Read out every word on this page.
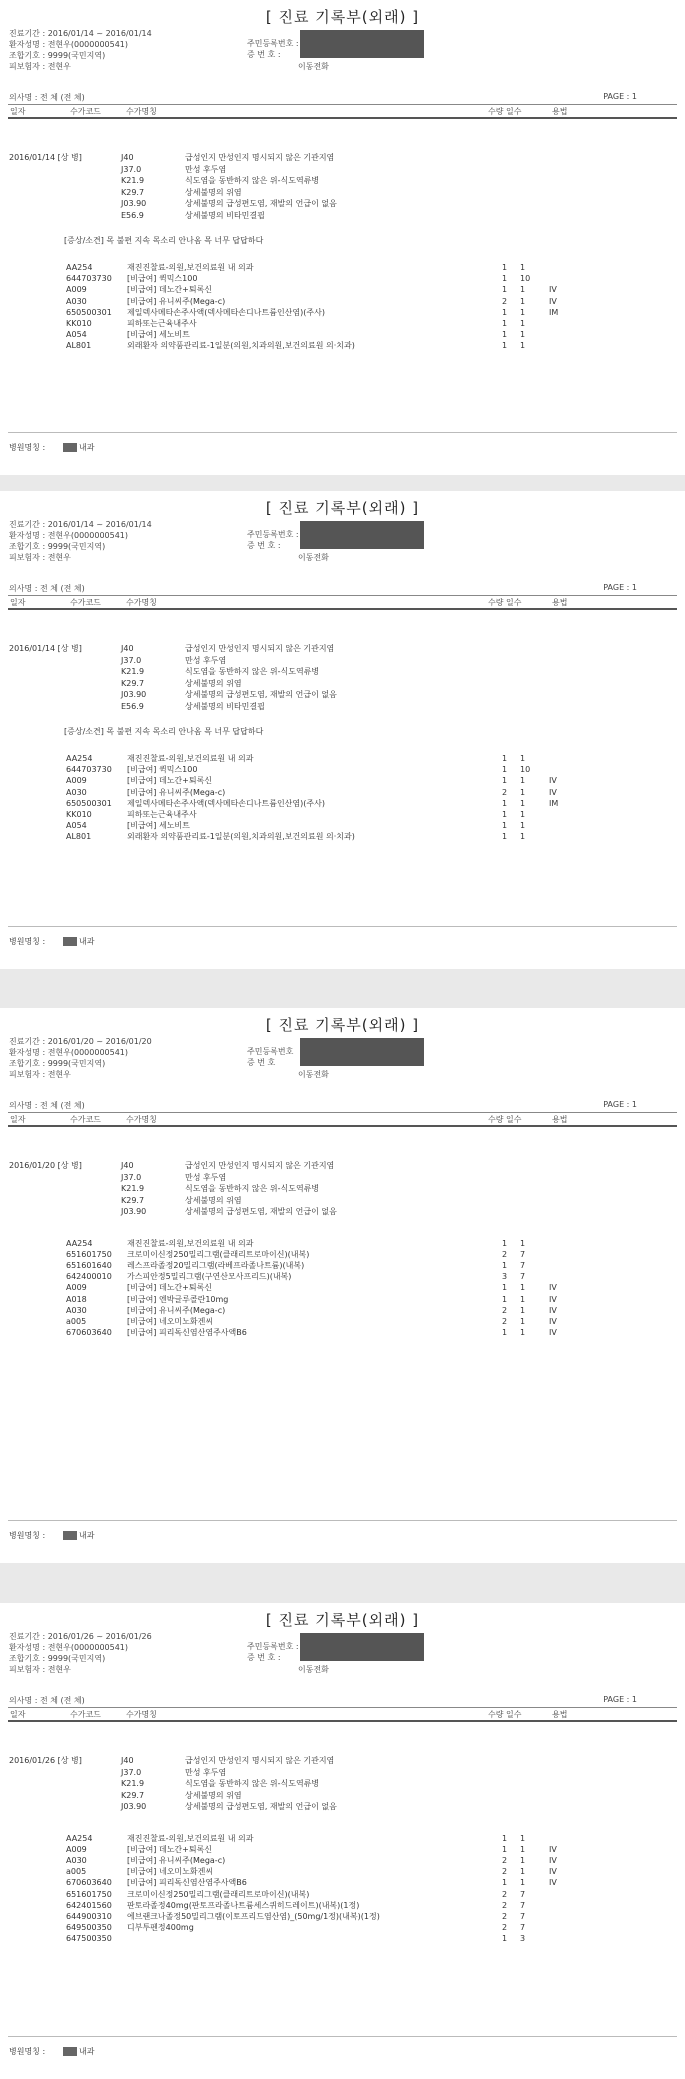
[ 진료 기록부(외래) ]
진료기간 : 2016/01/14 ~ 2016/01/14
환자성명 : 전현우(0000000541)
조합기호 : 9999(국민지역)
피보험자 : 전현우
주민등록번호 :
증 번 호 :
이동전화
의사명 : 전 체 (전 체)	PAGE : 1
일자	수가코드	수가명칭	수량 일수	용법
2016/01/14 [상 병]	J40	급성인지 만성인지 명시되지 않은 기관지염
J37.0	만성 후두염
K21.9	식도염을 동반하지 않은 위-식도역류병
K29.7	상세불명의 위염
J03.90	상세불명의 급성편도염, 재발의 언급이 없음
E56.9	상세불명의 비타민결핍
[증상/소견] 목 불편 지속 목소리 안나옴 목 너무 답답하다
AA254	재진진찰료-의원,보건의료원 내 의과	1 1
644703730 [비급여] 퀵믹스100	1 10
A009	[비급여] 데노간+퇴록신	1 1	IV
A030	[비급여] 유니씨주(Mega-c)	2 1	IV
650500301 제일덱사메타손주사액(덱사메타손디나트륨인산염)(주사)	1 1	IM
KK010	피하또는근육내주사	1 1
A054	[비급여] 세노비트	1 1
AL801	외래환자 의약품관리료-1일분(의원,치과의원,보건의료원 의·치과)	1 1
병원명칭 :	내과
[ 진료 기록부(외래) ]
진료기간 : 2016/01/14 ~ 2016/01/14
환자성명 : 전현우(0000000541)
조합기호 : 9999(국민지역)
피보험자 : 전현우
주민등록번호 :
증 번 호 :
이동전화
의사명 : 전 체 (전 체)	PAGE : 1
일자	수가코드	수가명칭	수량 일수	용법
2016/01/14 [상 병]	J40	급성인지 만성인지 명시되지 않은 기관지염
J37.0	만성 후두염
K21.9	식도염을 동반하지 않은 위-식도역류병
K29.7	상세불명의 위염
J03.90	상세불명의 급성편도염, 재발의 언급이 없음
E56.9	상세불명의 비타민결핍
[증상/소견] 목 불편 지속 목소리 안나옴 목 너무 답답하다
AA254	재진진찰료-의원,보건의료원 내 의과	1 1
644703730 [비급여] 퀵믹스100	1 10
A009	[비급여] 데노간+퇴록신	1 1	IV
A030	[비급여] 유니씨주(Mega-c)	2 1	IV
650500301 제일덱사메타손주사액(덱사메타손디나트륨인산염)(주사)	1 1	IM
KK010	피하또는근육내주사	1 1
A054	[비급여] 세노비트	1 1
AL801	외래환자 의약품관리료-1일분(의원,치과의원,보건의료원 의·치과)	1 1
병원명칭 :	내과
[ 진료 기록부(외래) ]
진료기간 : 2016/01/20 ~ 2016/01/20
환자성명 : 전현우(0000000541)
조합기호 : 9999(국민지역)
피보험자 : 전현우
주민등록번호
증 번 호
이동전화
의사명 : 전 체 (전 체)	PAGE : 1
일자	수가코드	수가명칭	수량 일수	용법
2016/01/20 [상 병]	J40	급성인지 만성인지 명시되지 않은 기관지염
J37.0	만성 후두염
K21.9	식도염을 동반하지 않은 위-식도역류병
K29.7	상세불명의 위염
J03.90	상세불명의 급성편도염, 재발의 언급이 없음
AA254	재진진찰료-의원,보건의료원 내 의과	1 1
651601750 크로미이신정250밀리그램(클래리트로마이신)(내복)	2 7
651601640 레스프라졸정20밀리그램(라베프라졸나트륨)(내복)	1 7
642400010 가스피안정5밀리그램(구연산모사프리드)(내복)	3 7
A009	[비급여] 데노간+퇴록신	1 1	IV
A018	[비급여] 엔박글루콜란10mg	1 1	IV
A030	[비급여] 유니씨주(Mega-c)	2 1	IV
a005	[비급여] 네오미노화겐씨	2 1	IV
670603640 [비급여] 피리독신염산염주사액B6	1 1	IV
병원명칭 :	내과
[ 진료 기록부(외래) ]
진료기간 : 2016/01/26 ~ 2016/01/26
환자성명 : 전현우(0000000541)
조합기호 : 9999(국민지역)
피보험자 : 전현우
주민등록번호 :
증 번 호 :
이동전화
의사명 : 전 체 (전 체)	PAGE : 1
일자	수가코드	수가명칭	수량 일수	용법
2016/01/26 [상 병]	J40	급성인지 만성인지 명시되지 않은 기관지염
J37.0	만성 후두염
K21.9	식도염을 동반하지 않은 위-식도역류병
K29.7	상세불명의 위염
J03.90	상세불명의 급성편도염, 재발의 언급이 없음
AA254	재진진찰료-의원,보건의료원 내 의과	1 1
A009	[비급여] 데노간+퇴록신	1 1	IV
A030	[비급여] 유니씨주(Mega-c)	2 1	IV
a005	[비급여] 네오미노화겐씨	2 1	IV
670603640 [비급여] 피리독신염산염주사액B6	1 1	IV
651601750 크로미이신정250밀리그램(클래리트로마이신)(내복)	2 7
642401560 판토라졸정40mg(판토프라졸나트륨세스퀴히드레이트)(내복)(1정)	2 7
644900310 에브랜크나졸정50밀리그램(이토프리드염산염)_(50mg/1정)(내복)(1정)	2 7
649500350 디부투펜정400mg	2 7
647500350	1 3
병원명칭 :	내과
